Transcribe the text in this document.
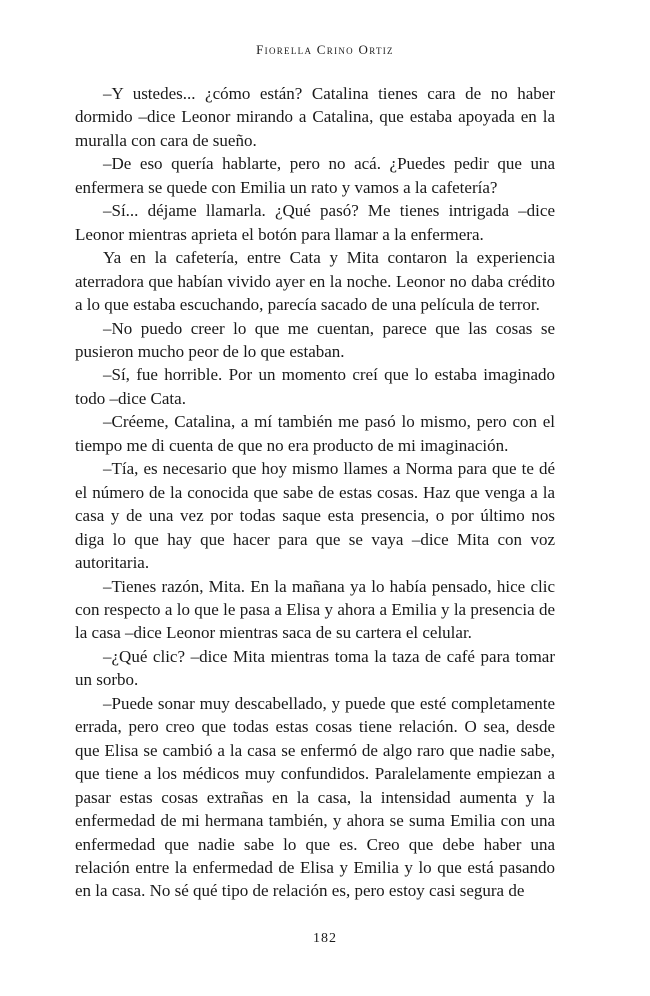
Fiorella Crino Ortiz

–Y ustedes... ¿cómo están? Catalina tienes cara de no haber dormido –dice Leonor mirando a Catalina, que estaba apoyada en la muralla con cara de sueño.

–De eso quería hablarte, pero no acá. ¿Puedes pedir que una enfermera se quede con Emilia un rato y vamos a la cafetería?

–Sí... déjame llamarla. ¿Qué pasó? Me tienes intrigada –dice Leonor mientras aprieta el botón para llamar a la enfermera.

Ya en la cafetería, entre Cata y Mita contaron la experiencia aterradora que habían vivido ayer en la noche. Leonor no daba crédito a lo que estaba escuchando, parecía sacado de una película de terror.

–No puedo creer lo que me cuentan, parece que las cosas se pusieron mucho peor de lo que estaban.

–Sí, fue horrible. Por un momento creí que lo estaba imaginado todo –dice Cata.

–Créeme, Catalina, a mí también me pasó lo mismo, pero con el tiempo me di cuenta de que no era producto de mi imaginación.

–Tía, es necesario que hoy mismo llames a Norma para que te dé el número de la conocida que sabe de estas cosas. Haz que venga a la casa y de una vez por todas saque esta presencia, o por último nos diga lo que hay que hacer para que se vaya –dice Mita con voz autoritaria.

–Tienes razón, Mita. En la mañana ya lo había pensado, hice clic con respecto a lo que le pasa a Elisa y ahora a Emilia y la presencia de la casa –dice Leonor mientras saca de su cartera el celular.

–¿Qué clic? –dice Mita mientras toma la taza de café para tomar un sorbo.

–Puede sonar muy descabellado, y puede que esté completamente errada, pero creo que todas estas cosas tiene relación. O sea, desde que Elisa se cambió a la casa se enfermó de algo raro que nadie sabe, que tiene a los médicos muy confundidos. Paralelamente empiezan a pasar estas cosas extrañas en la casa, la intensidad aumenta y la enfermedad de mi hermana también, y ahora se suma Emilia con una enfermedad que nadie sabe lo que es. Creo que debe haber una relación entre la enfermedad de Elisa y Emilia y lo que está pasando en la casa. No sé qué tipo de relación es, pero estoy casi segura de

182
